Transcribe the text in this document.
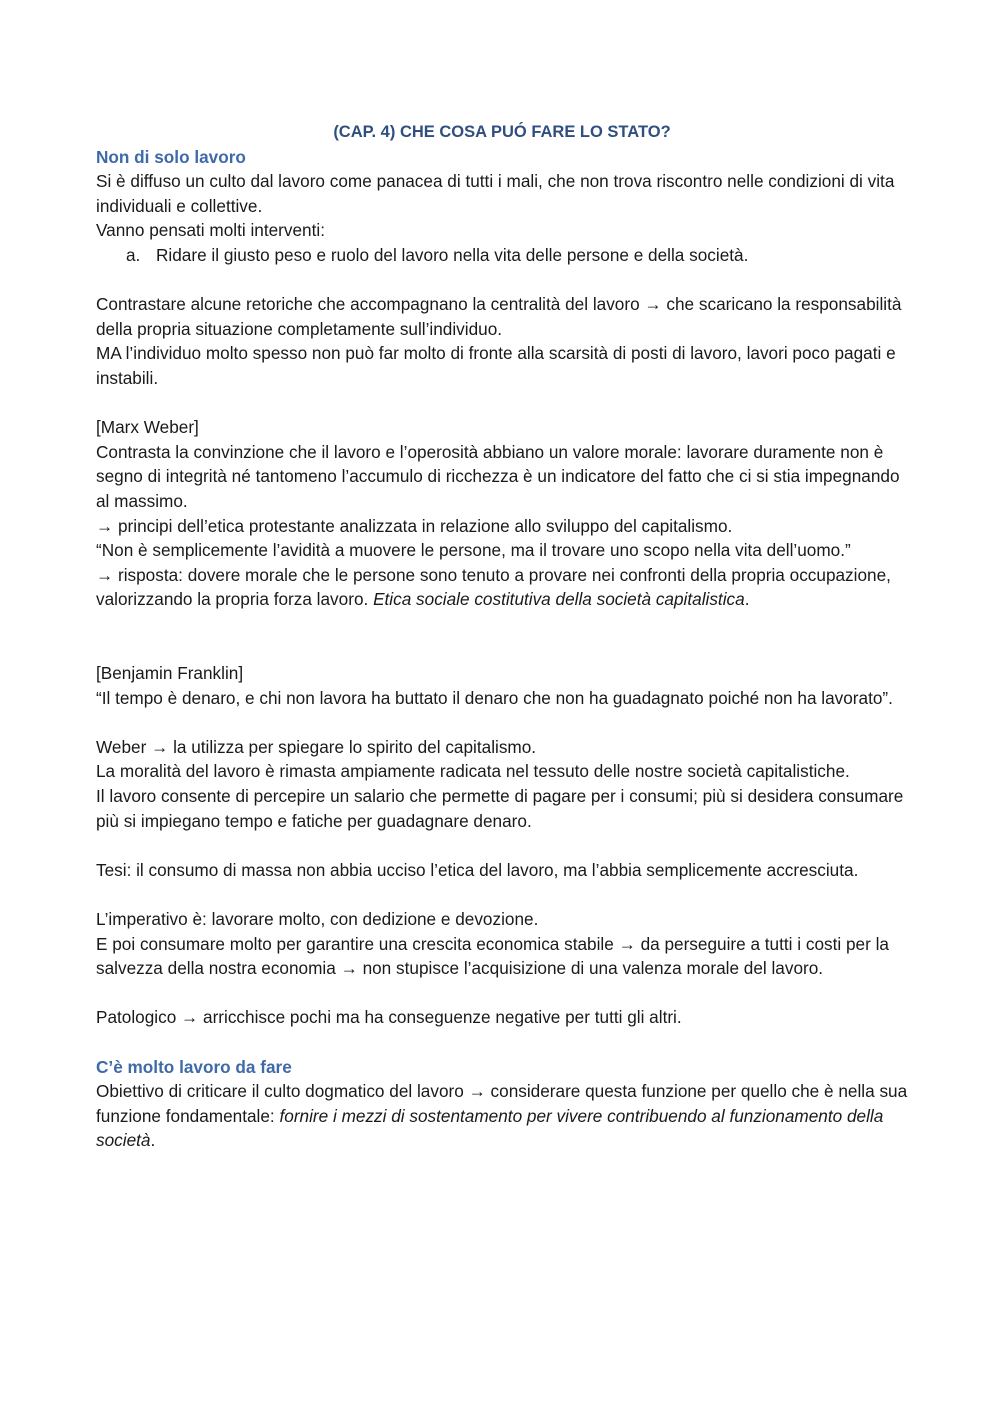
(CAP. 4) CHE COSA PUÓ FARE LO STATO?

Non di solo lavoro

Si è diffuso un culto dal lavoro come panacea di tutti i mali, che non trova riscontro nelle condizioni di vita individuali e collettive.

Vanno pensati molti interventi:

a. Ridare il giusto peso e ruolo del lavoro nella vita delle persone e della società.

Contrastare alcune retoriche che accompagnano la centralità del lavoro → che scaricano la responsabilità della propria situazione completamente sull’individuo.

MA l’individuo molto spesso non può far molto di fronte alla scarsità di posti di lavoro, lavori poco pagati e instabili.

[Marx Weber]

Contrasta la convinzione che il lavoro e l’operosità abbiano un valore morale: lavorare duramente non è segno di integrità né tantomeno l’accumulo di ricchezza è un indicatore del fatto che ci si stia impegnando al massimo.

→ principi dell’etica protestante analizzata in relazione allo sviluppo del capitalismo.

“Non è semplicemente l’avidità a muovere le persone, ma il trovare uno scopo nella vita dell’uomo.”

→ risposta: dovere morale che le persone sono tenuto a provare nei confronti della propria occupazione, valorizzando la propria forza lavoro. Etica sociale costitutiva della società capitalistica.

[Benjamin Franklin]

“Il tempo è denaro, e chi non lavora ha buttato il denaro che non ha guadagnato poiché non ha lavorato”.

Weber → la utilizza per spiegare lo spirito del capitalismo.

La moralità del lavoro è rimasta ampiamente radicata nel tessuto delle nostre società capitalistiche.

Il lavoro consente di percepire un salario che permette di pagare per i consumi; più si desidera consumare più si impiegano tempo e fatiche per guadagnare denaro.

Tesi: il consumo di massa non abbia ucciso l’etica del lavoro, ma l’abbia semplicemente accresciuta.

L’imperativo è: lavorare molto, con dedizione e devozione.

E poi consumare molto per garantire una crescita economica stabile → da perseguire a tutti i costi per la salvezza della nostra economia → non stupisce l’acquisizione di una valenza morale del lavoro.

Patologico → arricchisce pochi ma ha conseguenze negative per tutti gli altri.

C’è molto lavoro da fare

Obiettivo di criticare il culto dogmatico del lavoro → considerare questa funzione per quello che è nella sua funzione fondamentale: fornire i mezzi di sostentamento per vivere contribuendo al funzionamento della società.
